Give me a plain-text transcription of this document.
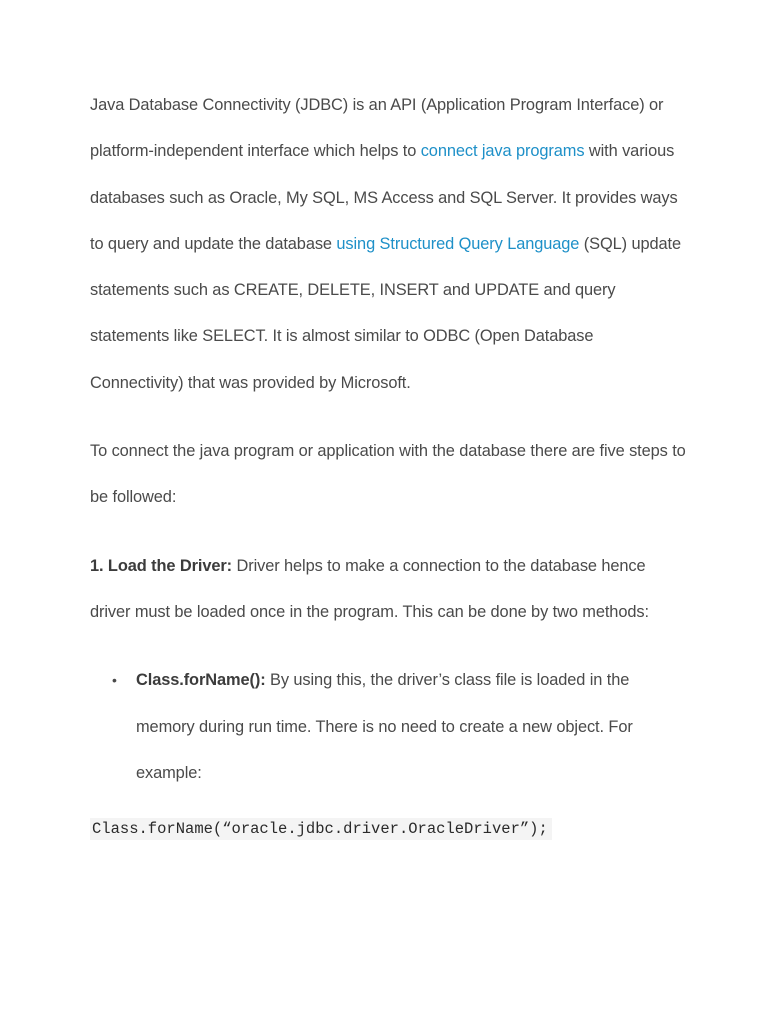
Java Database Connectivity (JDBC) is an API (Application Program Interface) or platform-independent interface which helps to connect java programs with various databases such as Oracle, My SQL, MS Access and SQL Server. It provides ways to query and update the database using Structured Query Language (SQL) update statements such as CREATE, DELETE, INSERT and UPDATE and query statements like SELECT. It is almost similar to ODBC (Open Database Connectivity) that was provided by Microsoft.

To connect the java program or application with the database there are five steps to be followed:

1. Load the Driver: Driver helps to make a connection to the database hence driver must be loaded once in the program. This can be done by two methods:

• Class.forName(): By using this, the driver’s class file is loaded in the memory during run time. There is no need to create a new object. For example:
Class.forName(“oracle.jdbc.driver.OracleDriver”);
